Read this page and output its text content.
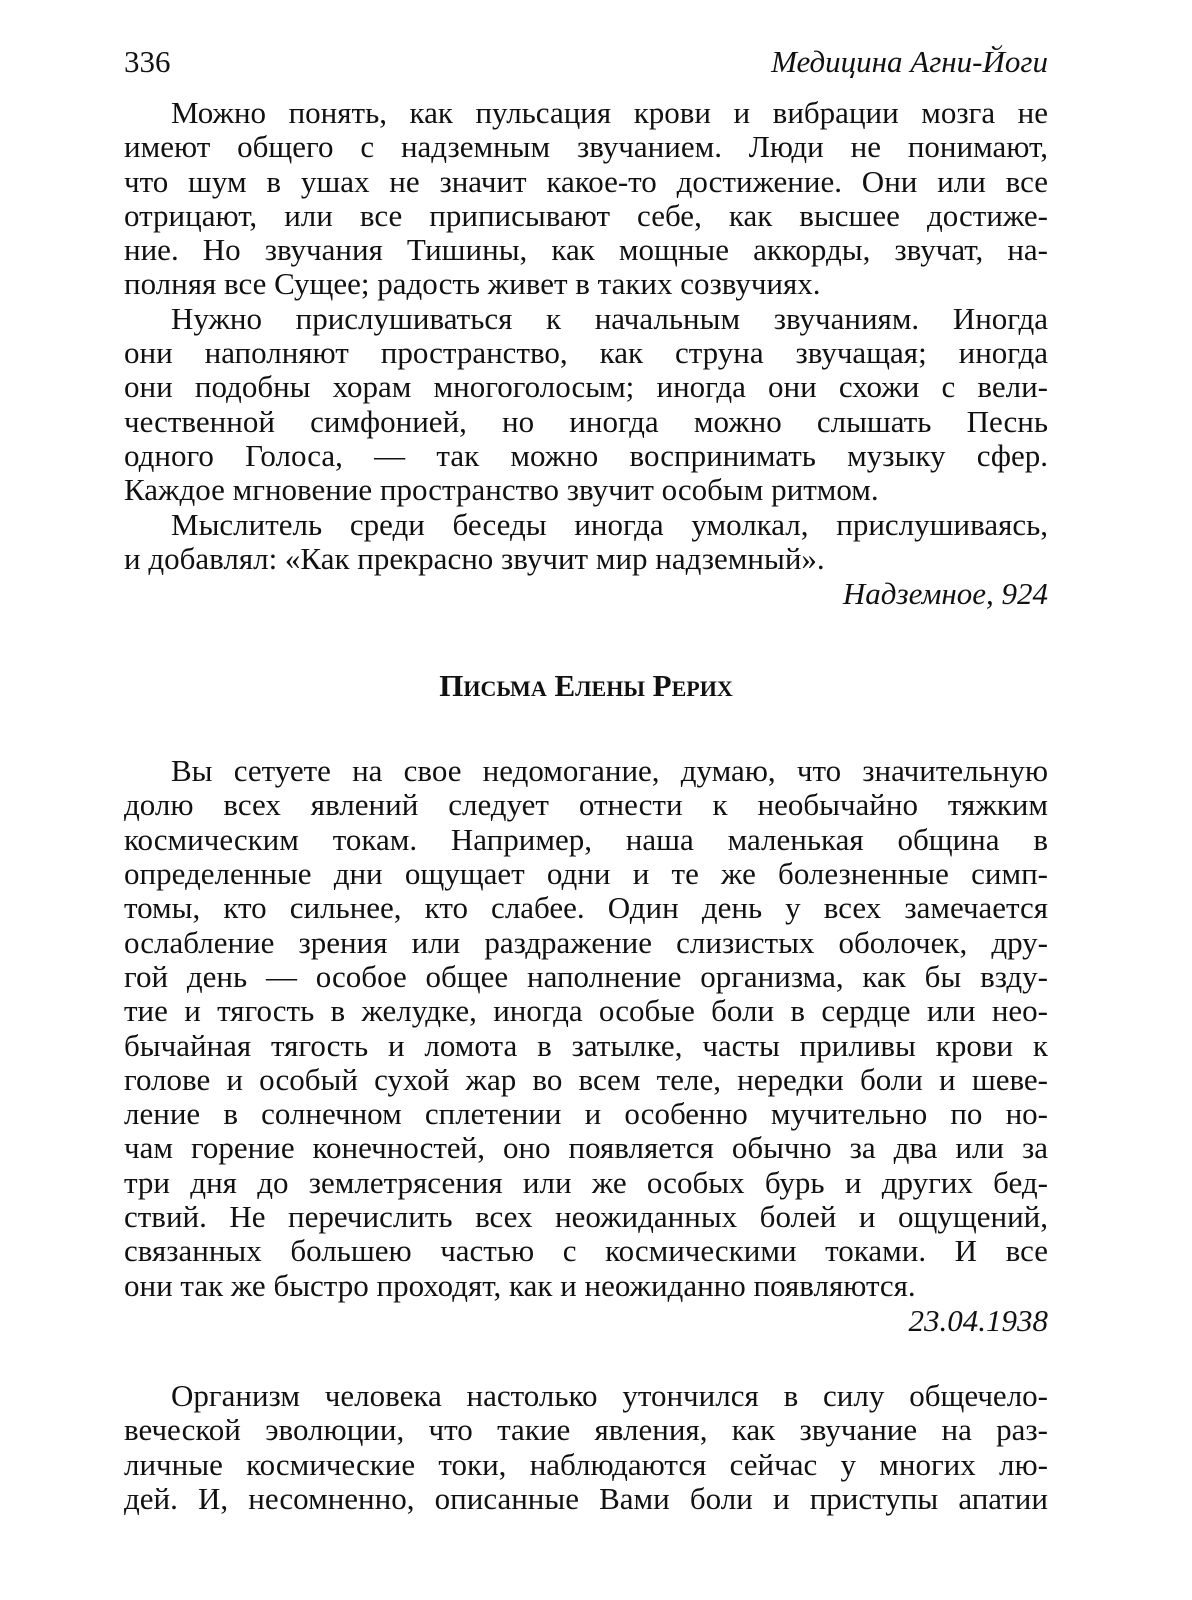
336	Медицина Агни-Йоги
Можно понять, как пульсация крови и вибрации мозга не
имеют общего с надземным звучанием. Люди не понимают,
что шум в ушах не значит какое-то достижение. Они или все
отрицают, или все приписывают себе, как высшее достиже-
ние. Но звучания Тишины, как мощные аккорды, звучат, на-
полняя все Сущее; радость живет в таких созвучиях.
Нужно прислушиваться к начальным звучаниям. Иногда
они наполняют пространство, как струна звучащая; иногда
они подобны хорам многоголосым; иногда они схожи с вели-
чественной симфонией, но иногда можно слышать Песнь
одного Голоса, — так можно воспринимать музыку сфер.
Каждое мгновение пространство звучит особым ритмом.
Мыслитель среди беседы иногда умолкал, прислушиваясь,
и добавлял: «Как прекрасно звучит мир надземный».
Надземное, 924
Письма Елены Рерих
Вы сетуете на свое недомогание, думаю, что значительную
долю всех явлений следует отнести к необычайно тяжким
космическим токам. Например, наша маленькая община в
определенные дни ощущает одни и те же болезненные симп-
томы, кто сильнее, кто слабее. Один день у всех замечается
ослабление зрения или раздражение слизистых оболочек, дру-
гой день — особое общее наполнение организма, как бы взду-
тие и тягость в желудке, иногда особые боли в сердце или нео-
бычайная тягость и ломота в затылке, часты приливы крови к
голове и особый сухой жар во всем теле, нередки боли и шеве-
ление в солнечном сплетении и особенно мучительно по но-
чам горение конечностей, оно появляется обычно за два или за
три дня до землетрясения или же особых бурь и других бед-
ствий. Не перечислить всех неожиданных болей и ощущений,
связанных большею частью с космическими токами. И все
они так же быстро проходят, как и неожиданно появляются.
23.04.1938
Организм человека настолько утончился в силу общечело-
веческой эволюции, что такие явления, как звучание на раз-
личные космические токи, наблюдаются сейчас у многих лю-
дей. И, несомненно, описанные Вами боли и приступы апатии
